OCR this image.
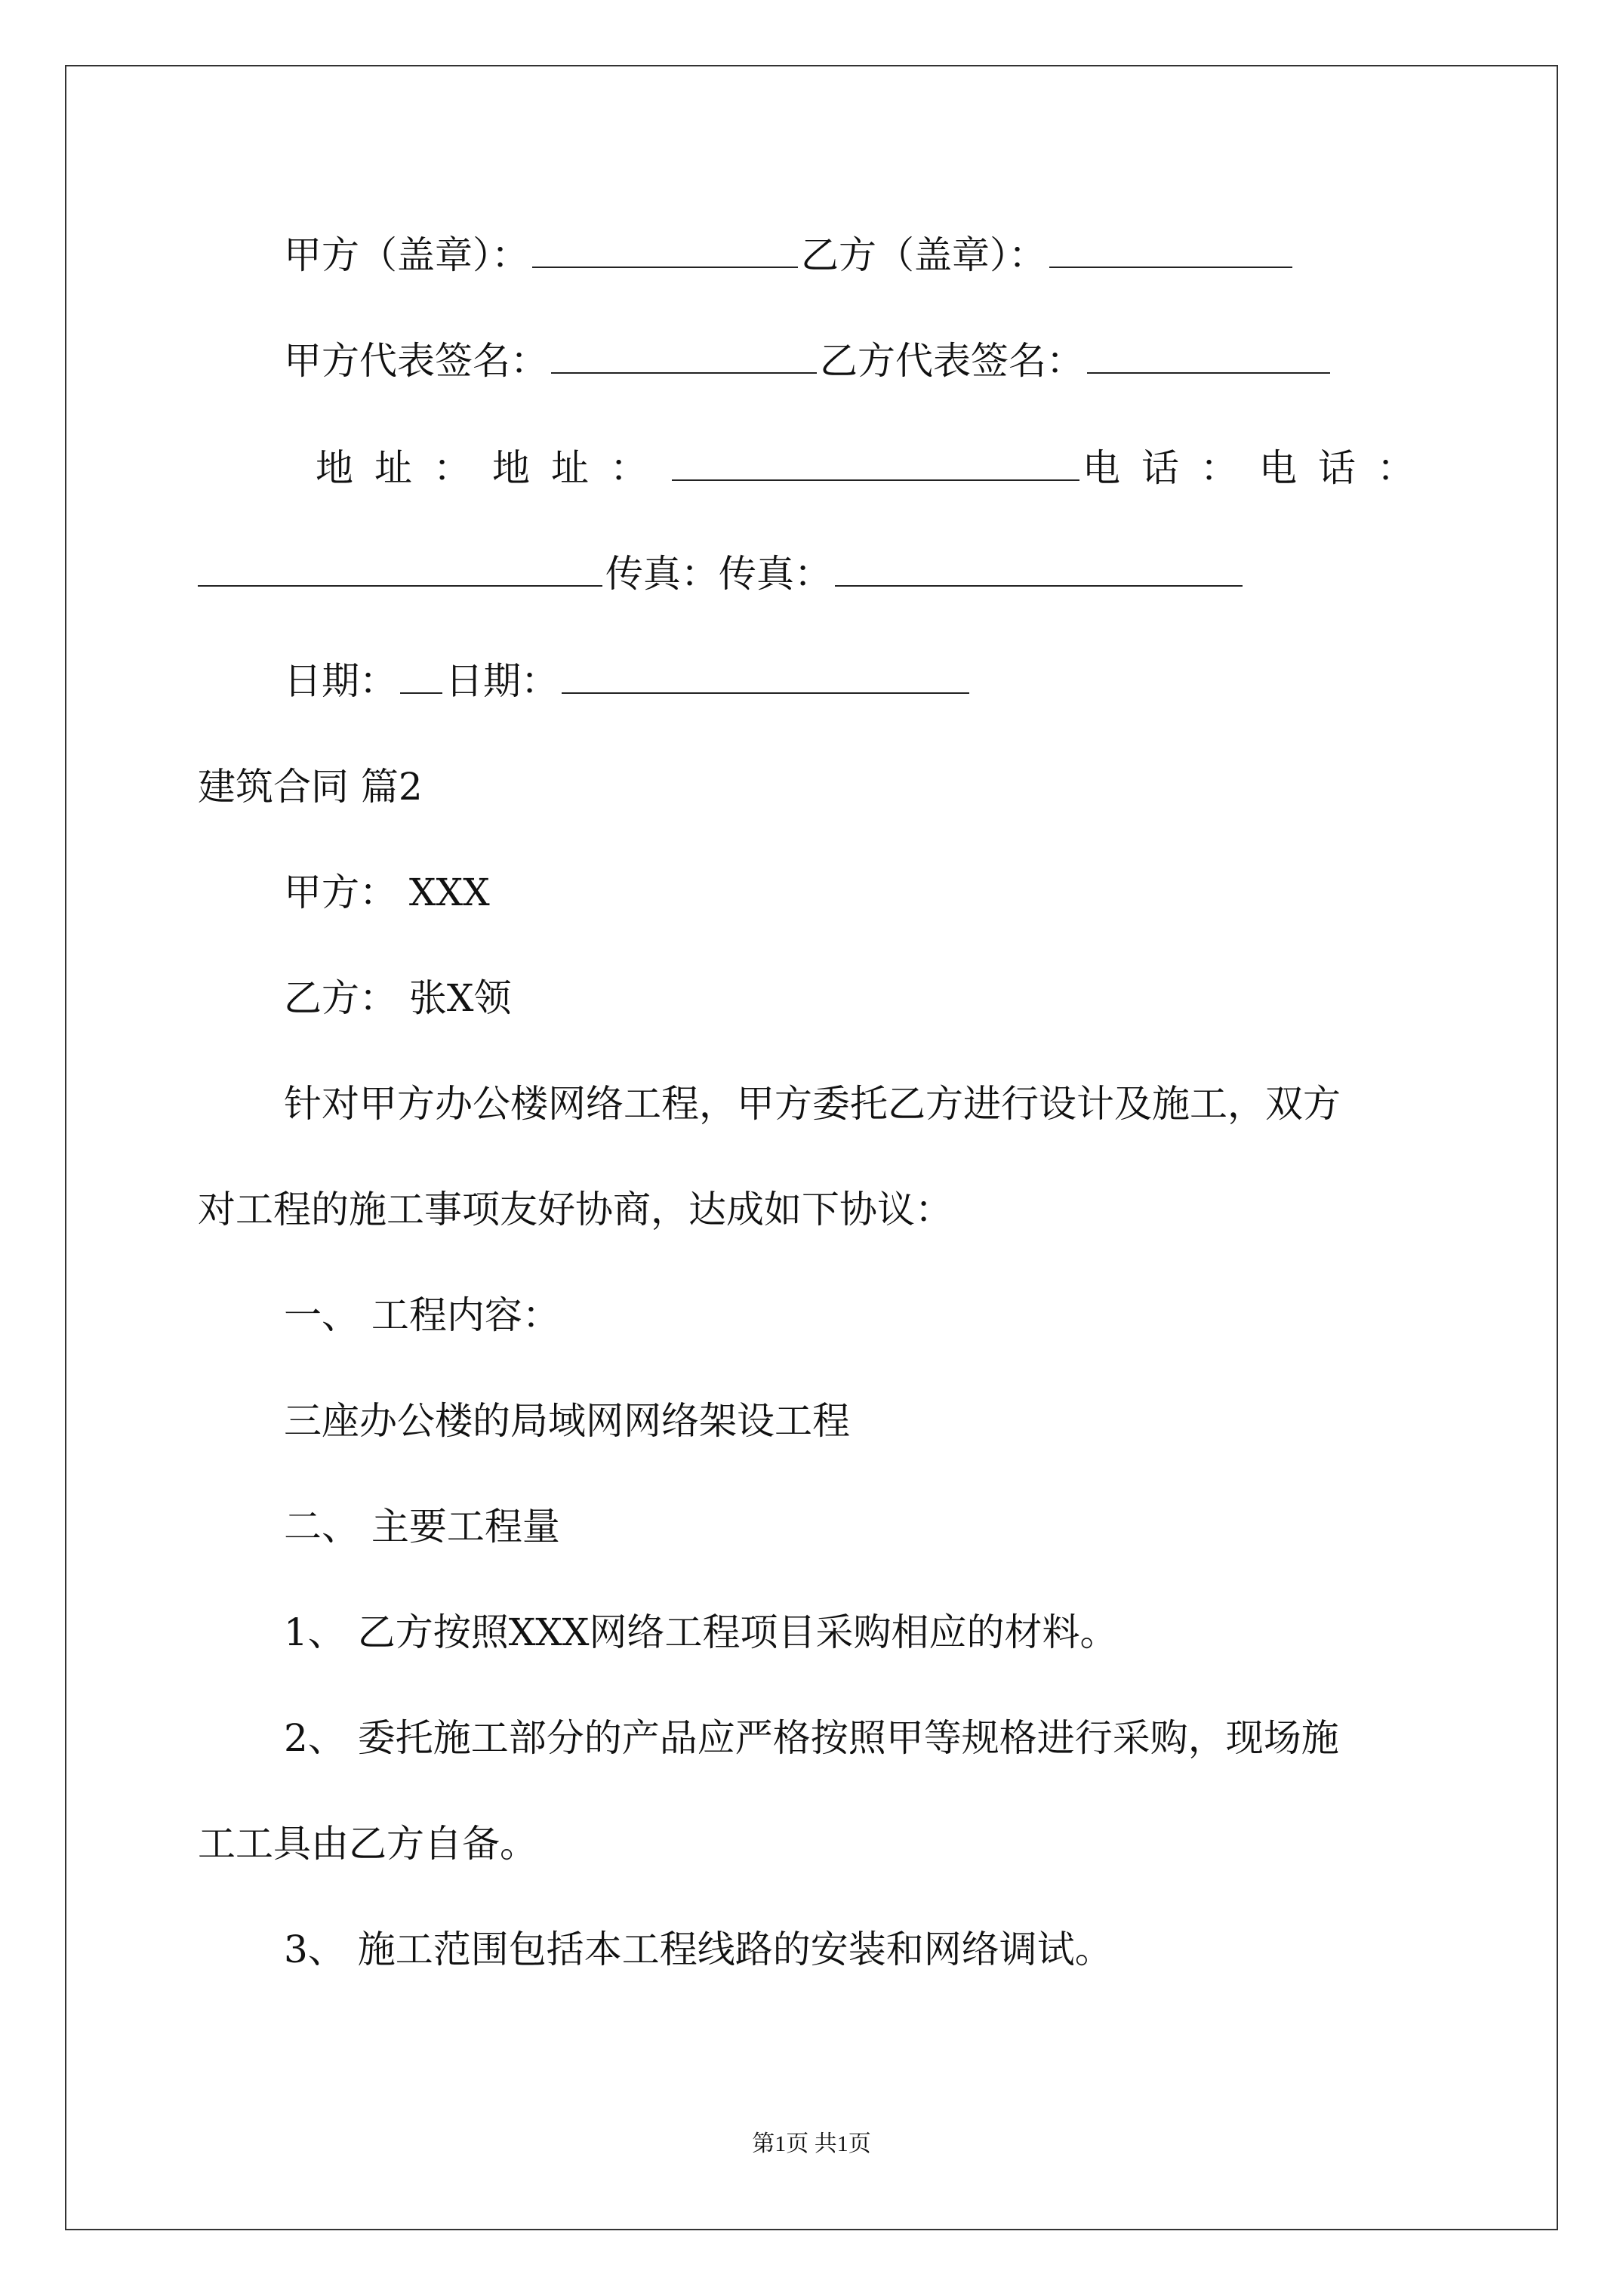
甲方（盖章）：	乙方（盖章）：
甲方代表签名：	乙方代表签名：
地址：地址：	电话：电话：
传真：传真：
日期： 日期：
建筑合同 篇2
甲方： XXX
乙方： 张X领
针对甲方办公楼网络工程，甲方委托乙方进行设计及施工，双方
对工程的施工事项友好协商，达成如下协议：
一、 工程内容：
三座办公楼的局域网网络架设工程
二、 主要工程量
1、 乙方按照XXX网络工程项目采购相应的材料。
2、 委托施工部分的产品应严格按照甲等规格进行采购，现场施
工工具由乙方自备。
3、 施工范围包括本工程线路的安装和网络调试。
第1页 共1页
